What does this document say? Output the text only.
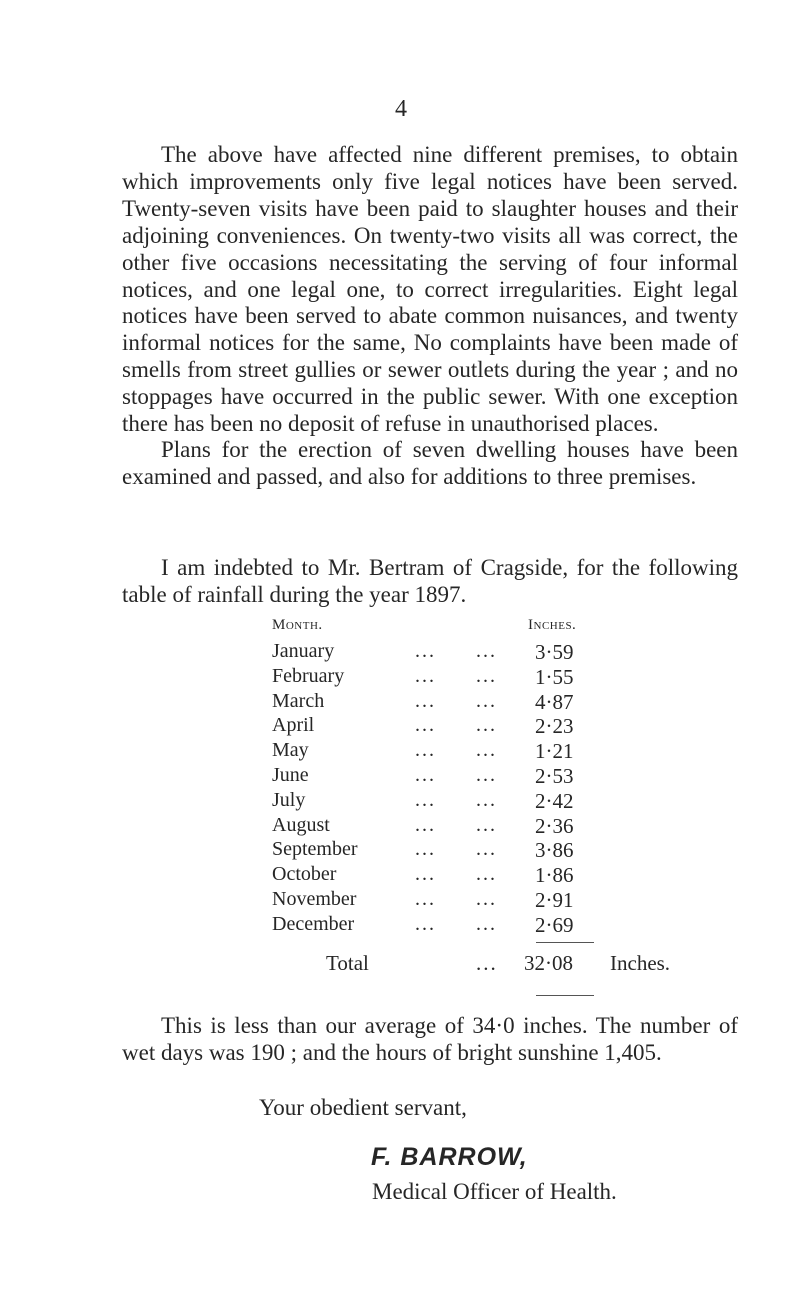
4

The above have affected nine different premises, to obtain which improvements only five legal notices have been served. Twenty-seven visits have been paid to slaughter houses and their adjoining conveniences. On twenty-two visits all was correct, the other five occasions necessitating the serving of four informal notices, and one legal one, to correct irregularities. Eight legal notices have been served to abate common nuisances, and twenty informal notices for the same, No complaints have been made of smells from street gullies or sewer outlets during the year ; and no stoppages have occurred in the public sewer. With one exception there has been no deposit of refuse in unauthorised places.

Plans for the erection of seven dwelling houses have been examined and passed, and also for additions to three premises.

I am indebted to Mr. Bertram of Cragside, for the following table of rainfall during the year 1897.

Month.	Inches.
January	... ... 3·59
February	... ... 1·55
March	... ... 4·87
April	... ... 2·23
May	... ... 1·21
June	... ... 2·53
July	... ... 2·42
August	... ... 2·36
September	... ... 3·86
October	... ... 1·86
November	... ... 2·91
December	... ... 2·69
Total	... 32·08 Inches.

This is less than our average of 34·0 inches. The number of wet days was 190 ; and the hours of bright sunshine 1,405.

Your obedient servant,
F. BARROW,
Medical Officer of Health.
